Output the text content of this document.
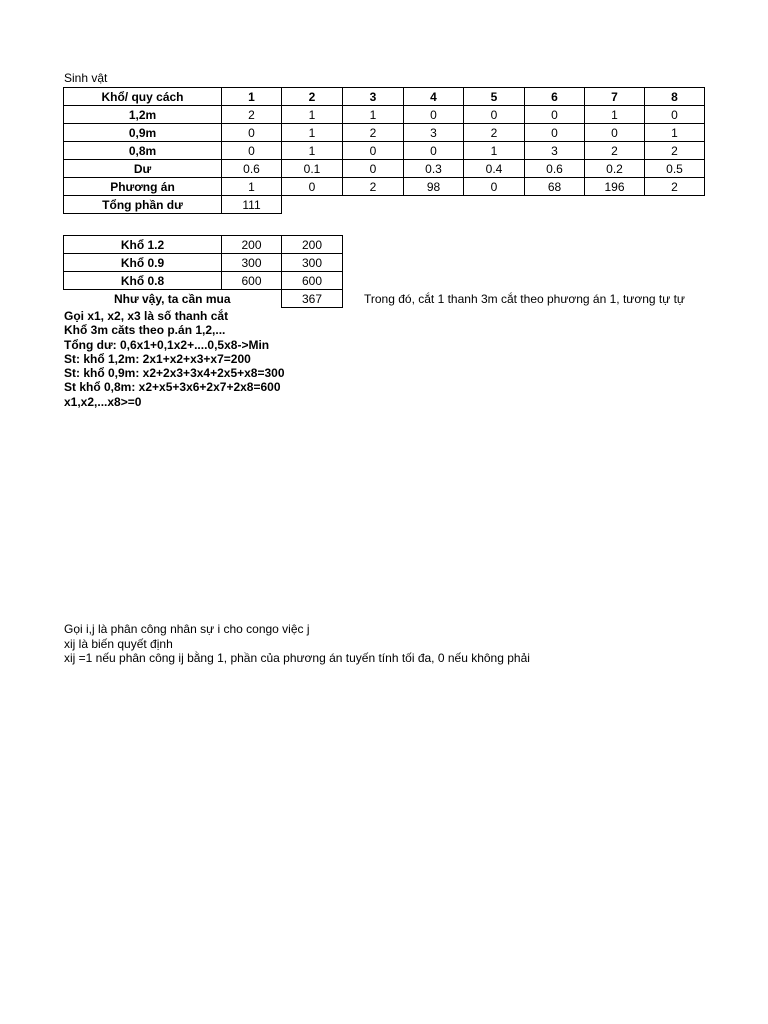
Sinh vật
Khổ/ quy cách	1	2	3	4	5	6	7	8
1,2m	2	1	1	0	0	0	1	0
0,9m	0	1	2	3	2	0	0	1
0,8m	0	1	0	0	1	3	2	2
Dư	0.6	0.1	0	0.3	0.4	0.6	0.2	0.5
Phương án	1	0	2	98	0	68	196	2
Tổng phần dư	111							
Khổ 1.2	200	200
Khổ 0.9	300	300
Khổ 0.8	600	600
Như vậy, ta cần mua		367	Trong đó, cắt 1 thanh 3m cắt theo phương án 1, tương tự tự
Gọi x1, x2, x3 là số thanh cắt
Khổ 3m căts theo p.án 1,2,...
Tổng dư: 0,6x1+0,1x2+....0,5x8->Min
St: khổ 1,2m: 2x1+x2+x3+x7=200
St: khổ 0,9m: x2+2x3+3x4+2x5+x8=300
St khổ 0,8m: x2+x5+3x6+2x7+2x8=600
x1,x2,...x8>=0
Gọi i,j là phân công nhân sự i cho congo việc j
xij là biến quyết định
xij =1 nếu phân công ij bằng 1, phần của phương án tuyến tính tối đa, 0 nếu không phải
